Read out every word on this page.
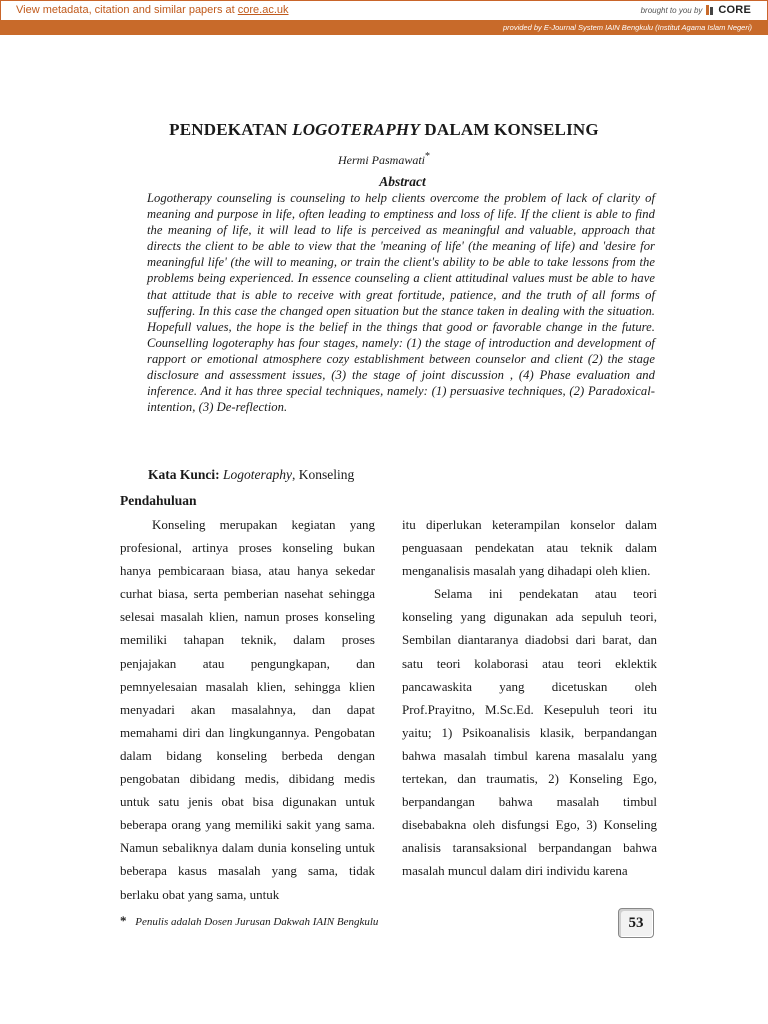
View metadata, citation and similar papers at core.ac.uk	brought to you by CORE
provided by E-Journal System IAIN Bengkulu (Institut Agama Islam Negeri)
PENDEKATAN LOGOTERAPHY DALAM KONSELING
Hermi Pasmawati*
Abstract
Logotherapy counseling is counseling to help clients overcome the problem of lack of clarity of meaning and purpose in life, often leading to emptiness and loss of life. If the client is able to find the meaning of life, it will lead to life is perceived as meaningful and valuable, approach that directs the client to be able to view that the 'meaning of life' (the meaning of life) and 'desire for meaningful life' (the will to meaning, or train the client's ability to be able to take lessons from the problems being experienced. In essence counseling a client attitudinal values must be able to have that attitude that is able to receive with great fortitude, patience, and the truth of all forms of suffering. In this case the changed open situation but the stance taken in dealing with the situation. Hopefull values, the hope is the belief in the things that good or favorable change in the future. Counselling logoteraphy has four stages, namely: (1) the stage of introduction and development of rapport or emotional atmosphere cozy establishment between counselor and client (2) the stage disclosure and assessment issues, (3) the stage of joint discussion , (4) Phase evaluation and inference. And it has three special techniques, namely: (1) persuasive techniques, (2) Paradoxical-intention, (3) De-reflection.
Kata Kunci: Logoteraphy, Konseling
Pendahuluan

Konseling merupakan kegiatan yang profesional, artinya proses konseling bukan hanya pembicaraan biasa, atau hanya sekedar curhat biasa, serta pemberian nasehat sehingga selesai masalah klien, namun proses konseling memiliki tahapan teknik, dalam proses penjajakan atau pengungkapan, dan pemnyelesaian masalah klien, sehingga klien menyadari akan masalahnya, dan dapat memahami diri dan lingkungannya. Pengobatan dalam bidang konseling berbeda dengan pengobatan dibidang medis, dibidang medis untuk satu jenis obat bisa digunakan untuk beberapa orang yang memiliki sakit yang sama. Namun sebaliknya dalam dunia konseling untuk beberapa kasus masalah yang sama, tidak berlaku obat yang sama, untuk

itu diperlukan keterampilan konselor dalam penguasaan pendekatan atau teknik dalam menganalisis masalah yang dihadapi oleh klien.

Selama ini pendekatan atau teori konseling yang digunakan ada sepuluh teori, Sembilan diantaranya diadobsi dari barat, dan satu teori kolaborasi atau teori eklektik pancawaskita yang dicetuskan oleh Prof.Prayitno, M.Sc.Ed. Kesepuluh teori itu yaitu; 1) Psikoanalisis klasik, berpandangan bahwa masalah timbul karena masalalu yang tertekan, dan traumatis, 2) Konseling Ego, berpandangan bahwa masalah timbul disebabakna oleh disfungsi Ego, 3) Konseling analisis taransaksional berpandangan bahwa masalah muncul dalam diri individu karena

* Penulis adalah Dosen Jurusan Dakwah IAIN Bengkulu	53
